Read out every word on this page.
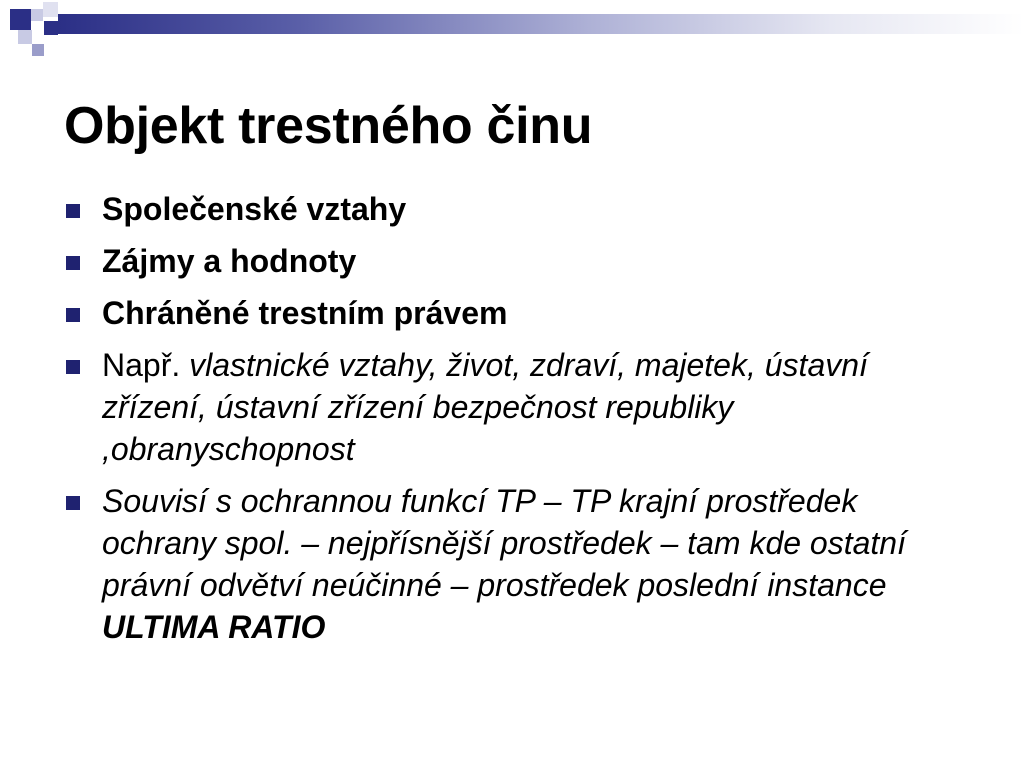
Objekt trestného činu
Společenské vztahy
Zájmy a hodnoty
Chráněné trestním právem
Např. vlastnické vztahy, život, zdraví, majetek, ústavní zřízení, ústavní zřízení bezpečnost republiky ,obranyschopnost
Souvisí s ochrannou funkcí TP – TP krajní prostředek ochrany spol. – nejpřísnější prostředek – tam kde ostatní právní odvětví neúčinné – prostředek poslední instance
ULTIMA RATIO
